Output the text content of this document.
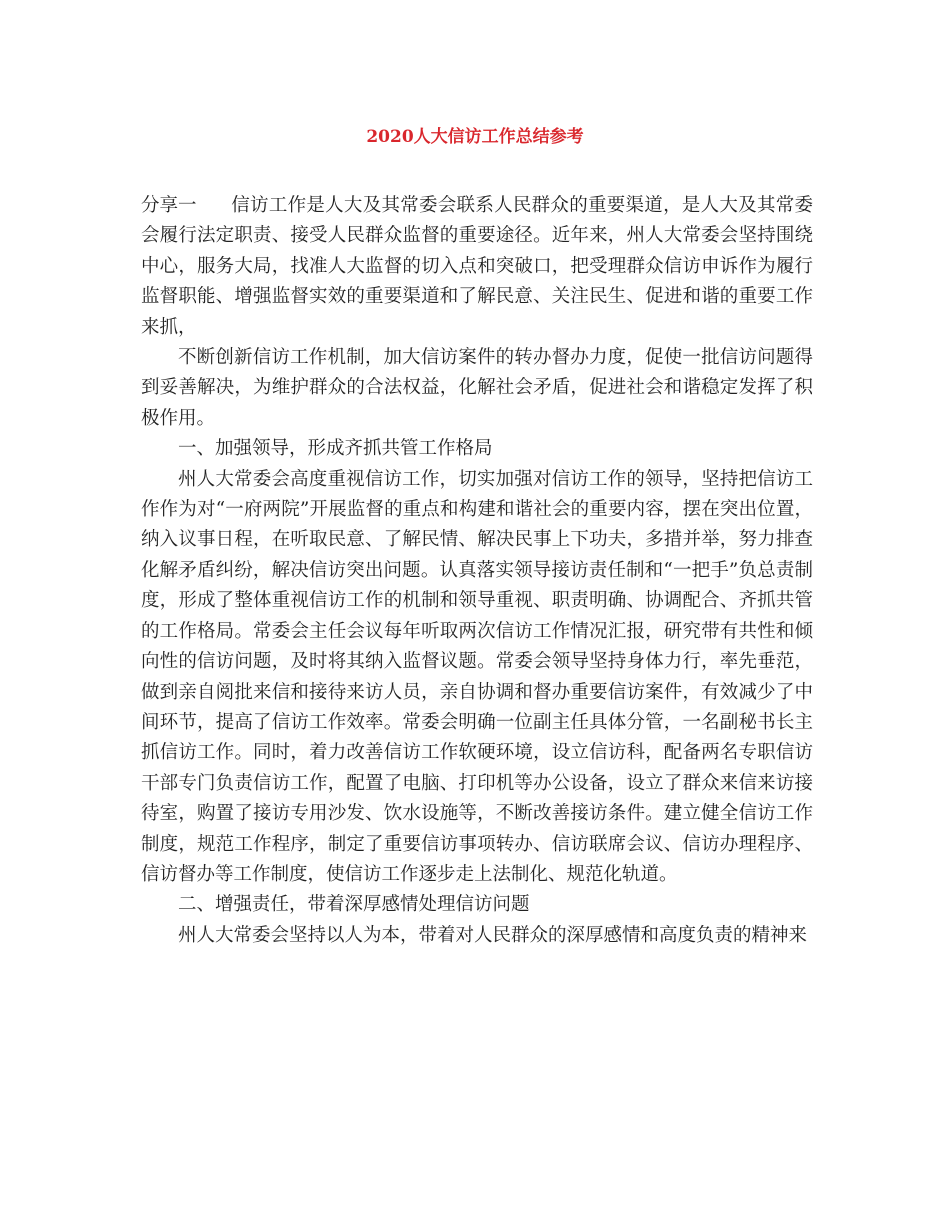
2020人大信访工作总结参考

分享一 信访工作是人大及其常委会联系人民群众的重要渠道，是人大及其常委会履行法定职责、接受人民群众监督的重要途径。近年来，州人大常委会坚持围绕中心，服务大局，找准人大监督的切入点和突破口，把受理群众信访申诉作为履行监督职能、增强监督实效的重要渠道和了解民意、关注民生、促进和谐的重要工作来抓，

不断创新信访工作机制，加大信访案件的转办督办力度，促使一批信访问题得到妥善解决，为维护群众的合法权益，化解社会矛盾，促进社会和谐稳定发挥了积极作用。

一、加强领导，形成齐抓共管工作格局

州人大常委会高度重视信访工作，切实加强对信访工作的领导，坚持把信访工作作为对“一府两院”开展监督的重点和构建和谐社会的重要内容，摆在突出位置，纳入议事日程，在听取民意、了解民情、解决民事上下功夫，多措并举，努力排查化解矛盾纠纷，解决信访突出问题。认真落实领导接访责任制和“一把手”负总责制度，形成了整体重视信访工作的机制和领导重视、职责明确、协调配合、齐抓共管的工作格局。常委会主任会议每年听取两次信访工作情况汇报，研究带有共性和倾向性的信访问题，及时将其纳入监督议题。常委会领导坚持身体力行，率先垂范，做到亲自阅批来信和接待来访人员，亲自协调和督办重要信访案件，有效减少了中间环节，提高了信访工作效率。常委会明确一位副主任具体分管，一名副秘书长主抓信访工作。同时，着力改善信访工作软硬环境，设立信访科，配备两名专职信访干部专门负责信访工作，配置了电脑、打印机等办公设备，设立了群众来信来访接待室，购置了接访专用沙发、饮水设施等，不断改善接访条件。建立健全信访工作制度，规范工作程序，制定了重要信访事项转办、信访联席会议、信访办理程序、信访督办等工作制度，使信访工作逐步走上法制化、规范化轨道。

二、增强责任，带着深厚感情处理信访问题

州人大常委会坚持以人为本，带着对人民群众的深厚感情和高度负责的精神来
